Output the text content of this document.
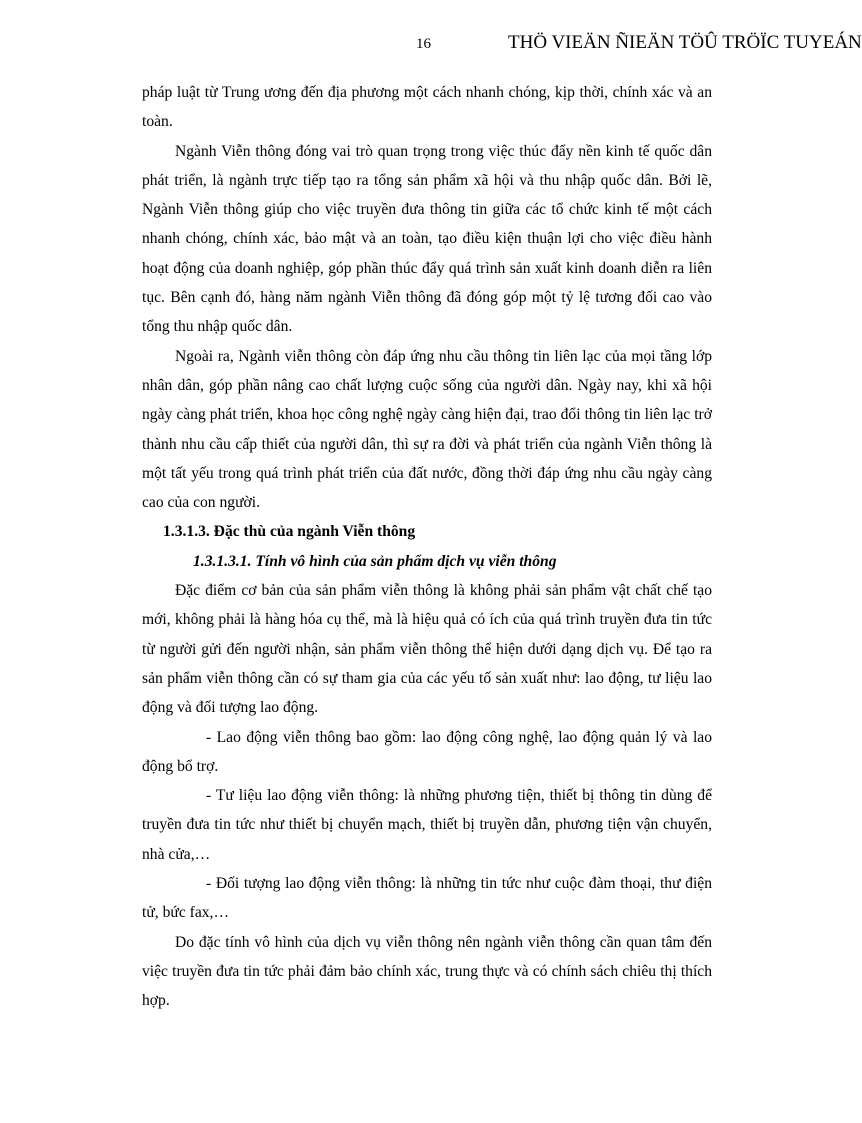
16	THÖ VIEÄN ÑIEÄN TÖÛ TRÖÏC TUYEÁN

pháp luật từ Trung ương đến địa phương một cách nhanh chóng, kịp thời, chính xác và an toàn.

Ngành Viễn thông đóng vai trò quan trọng trong việc thúc đẩy nền kinh tế quốc dân phát triển, là ngành trực tiếp tạo ra tổng sản phẩm xã hội và thu nhập quốc dân. Bởi lẽ, Ngành Viễn thông giúp cho việc truyền đưa thông tin giữa các tổ chức kinh tế một cách nhanh chóng, chính xác, bảo mật và an toàn, tạo điều kiện thuận lợi cho việc điều hành hoạt động của doanh nghiệp, góp phần thúc đẩy quá trình sản xuất kinh doanh diễn ra liên tục. Bên cạnh đó, hàng năm ngành Viễn thông đã đóng góp một tỷ lệ tương đối cao vào tổng thu nhập quốc dân.

Ngoài ra, Ngành viễn thông còn đáp ứng nhu cầu thông tin liên lạc của mọi tầng lớp nhân dân, góp phần nâng cao chất lượng cuộc sống của người dân. Ngày nay, khi xã hội ngày càng phát triển, khoa học công nghệ ngày càng hiện đại, trao đổi thông tin liên lạc trở thành nhu cầu cấp thiết của người dân, thì sự ra đời và phát triển của ngành Viễn thông là một tất yếu trong quá trình phát triển của đất nước, đồng thời đáp ứng nhu cầu ngày càng cao của con người.

1.3.1.3. Đặc thù của ngành Viễn thông

1.3.1.3.1. Tính vô hình của sản phẩm dịch vụ viễn thông

Đặc điểm cơ bản của sản phẩm viễn thông là không phải sản phẩm vật chất chế tạo mới, không phải là hàng hóa cụ thể, mà là hiệu quả có ích của quá trình truyền đưa tin tức từ người gửi đến người nhận, sản phẩm viễn thông thể hiện dưới dạng dịch vụ. Để tạo ra sản phẩm viễn thông cần có sự tham gia của các yếu tố sản xuất như: lao động, tư liệu lao động và đối tượng lao động.

- Lao động viễn thông bao gồm: lao động công nghệ, lao động quản lý và lao động bổ trợ.

- Tư liệu lao động viễn thông: là những phương tiện, thiết bị thông tin dùng để truyền đưa tin tức như thiết bị chuyển mạch, thiết bị truyền dẫn, phương tiện vận chuyển, nhà cửa,…

- Đối tượng lao động viễn thông: là những tin tức như cuộc đàm thoại, thư điện tử, bức fax,…

Do đặc tính vô hình của dịch vụ viễn thông nên ngành viễn thông cần quan tâm đến việc truyền đưa tin tức phải đảm bảo chính xác, trung thực và có chính sách chiêu thị thích hợp.
